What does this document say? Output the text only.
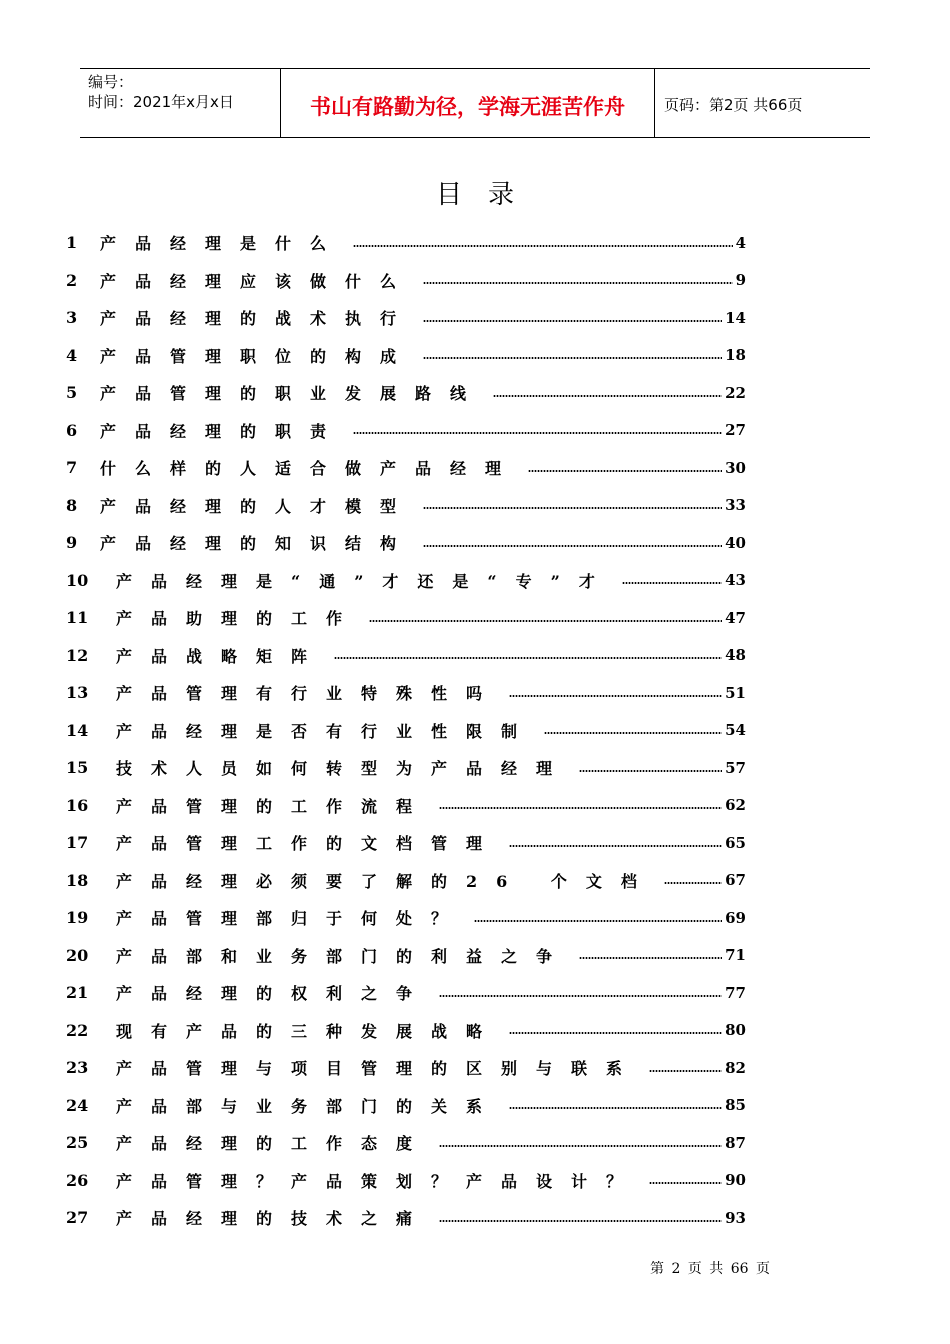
编号：
时间：2021年x月x日	书山有路勤为径，学海无涯苦作舟	页码：第2页 共66页
目录
1	产品经理是什么	4
2	产品经理应该做什么	9
3	产品经理的战术执行	14
4	产品管理职位的构成	18
5	产品管理的职业发展路线	22
6	产品经理的职责	27
7	什么样的人适合做产品经理	30
8	产品经理的人才模型	33
9	产品经理的知识结构	40
10	产品经理是“通”才还是“专”才	43
11	产品助理的工作	47
12	产品战略矩阵	48
13	产品管理有行业特殊性吗	51
14	产品经理是否有行业性限制	54
15	技术人员如何转型为产品经理	57
16	产品管理的工作流程	62
17	产品管理工作的文档管理	65
18	产品经理必须要了解的26 个文档	67
19	产品管理部归于何处？	69
20	产品部和业务部门的利益之争	71
21	产品经理的权利之争	77
22	现有产品的三种发展战略	80
23	产品管理与项目管理的区别与联系	82
24	产品部与业务部门的关系	85
25	产品经理的工作态度	87
26	产品管理？产品策划？产品设计？	90
27	产品经理的技术之痛	93
第 2 页 共 66 页
